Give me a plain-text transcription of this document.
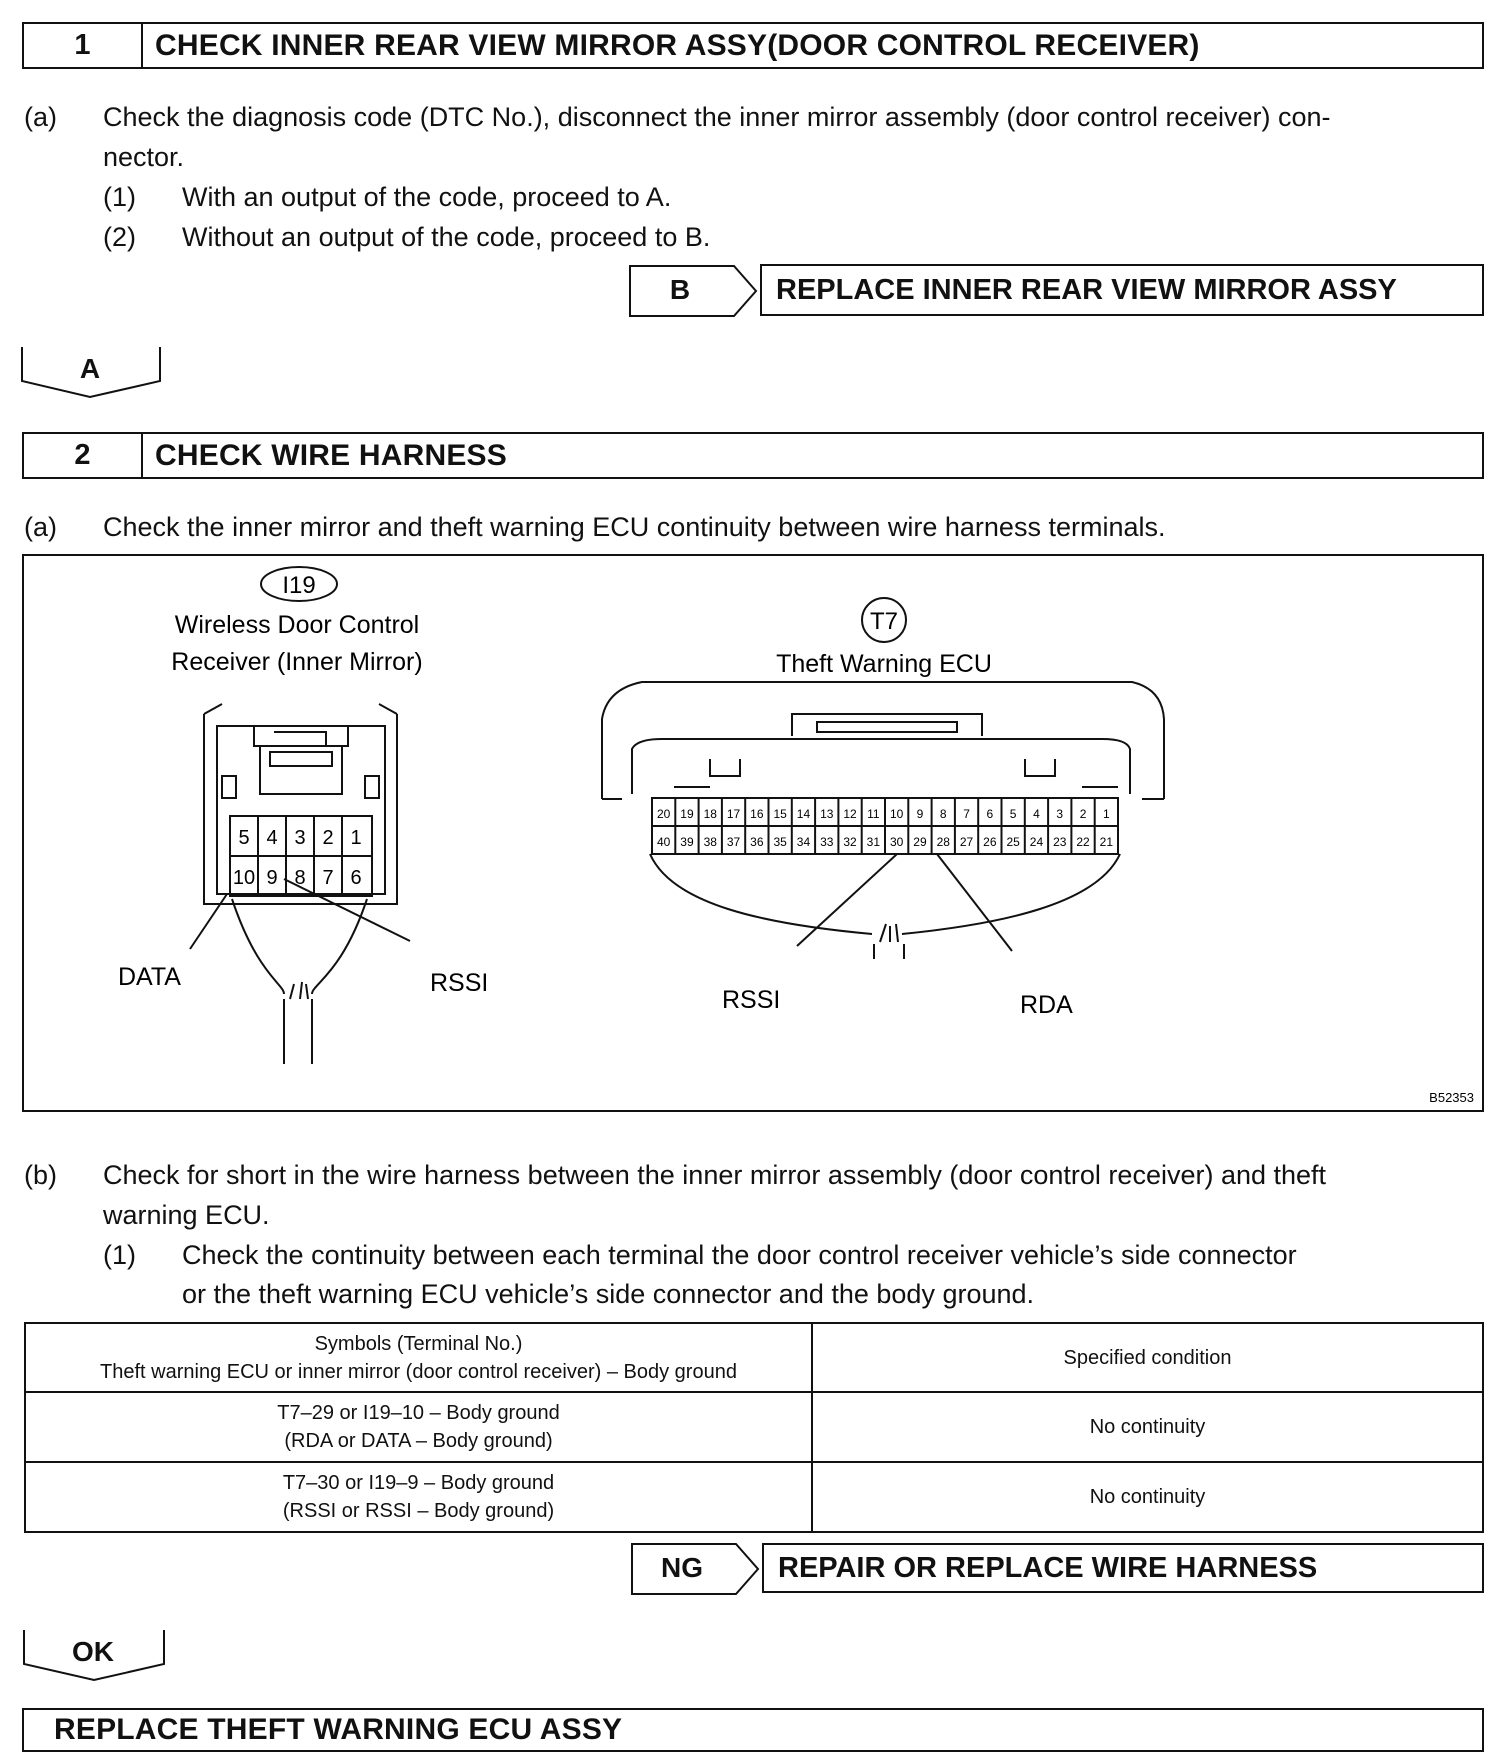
1	CHECK INNER REAR VIEW MIRROR ASSY(DOOR CONTROL RECEIVER)
(a) Check the diagnosis code (DTC No.), disconnect the inner mirror assembly (door control receiver) con-
nector.
(1) With an output of the code, proceed to A.
(2) Without an output of the code, proceed to B.
B	REPLACE INNER REAR VIEW MIRROR ASSY
A
2	CHECK WIRE HARNESS
(a) Check the inner mirror and theft warning ECU continuity between wire harness terminals.
I19
T7
Wireless Door Control
Receiver (Inner Mirror)	Theft Warning ECU
5 4 3 2 1
10 9 8 7 6
20 19 18 17 16 15 14 13 12 11 10 9 8 7 6 5 4 3 2 1
40 39 38 37 36 35 34 33 32 31 30 29 28 27 26 25 24 23 22 21
DATA	RSSI
RSSI	RDA
B52353
(b) Check for short in the wire harness between the inner mirror assembly (door control receiver) and theft
warning ECU.
(1) Check the continuity between each terminal the door control receiver vehicle’s side connector
or the theft warning ECU vehicle’s side connector and the body ground.
Symbols (Terminal No.)
Theft warning ECU or inner mirror (door control receiver) – Body ground	Specified condition

T7–29 or I19–10 – Body ground
(RDA or DATA – Body ground)	No continuity

T7–30 or I19–9 – Body ground
(RSSI or RSSI – Body ground)	No continuity
NG	REPAIR OR REPLACE WIRE HARNESS
OK
REPLACE THEFT WARNING ECU ASSY
